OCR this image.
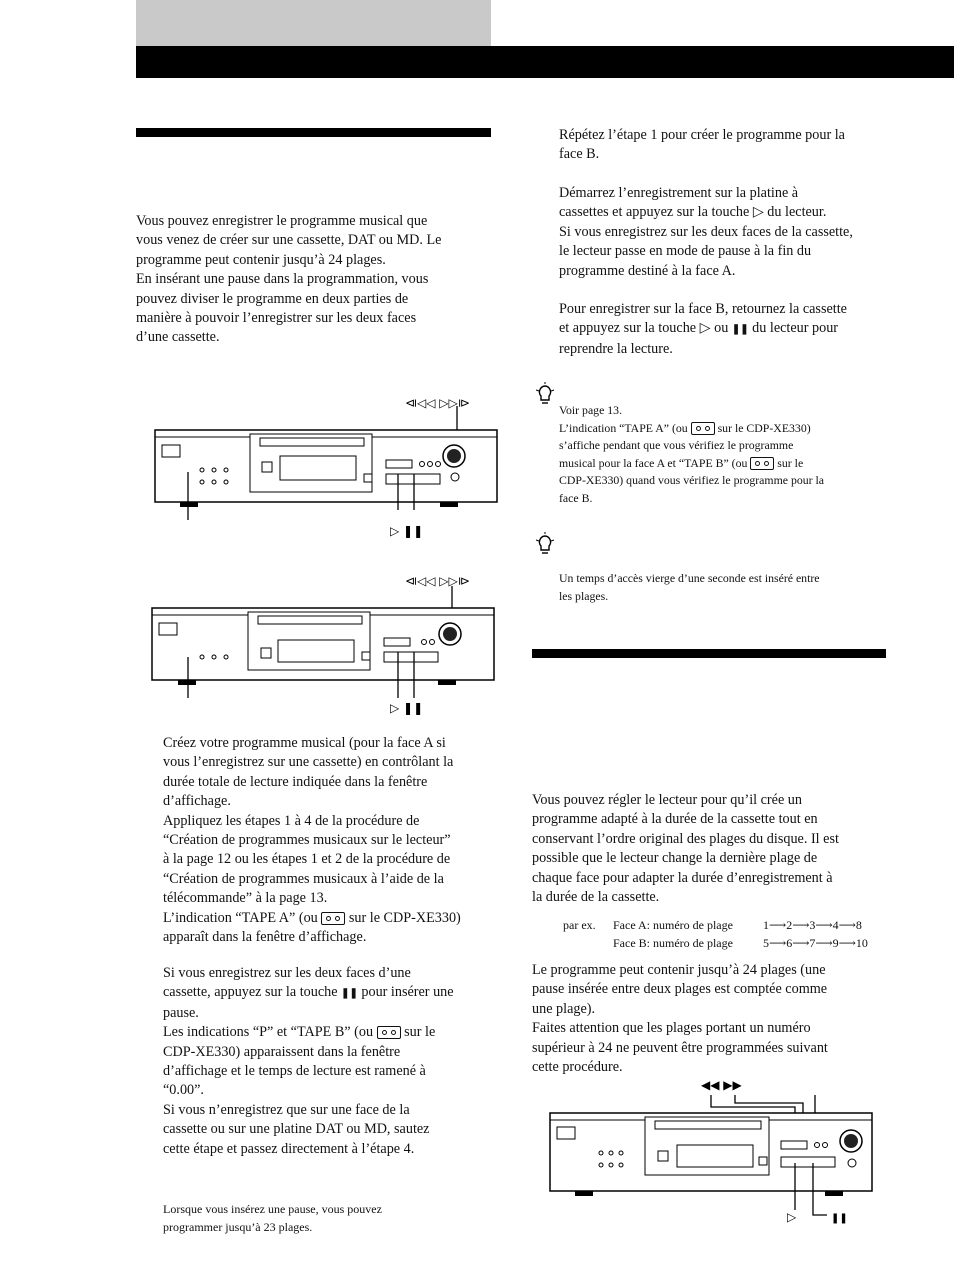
Vous pouvez enregistrer le programme musical que

vous venez de créer sur une cassette, DAT ou MD. Le

programme peut contenir jusqu’à 24 plages.

En insérant une pause dans la programmation, vous

pouvez diviser le programme en deux parties de

manière à pouvoir l’enregistrer sur les deux faces

d’une cassette.

⧏◁◁ ▷▷⧐
▷ ❚❚
⧏◁◁ ▷▷⧐
▷ ❚❚

Créez votre programme musical (pour la face A si

vous l’enregistrez sur une cassette) en contrôlant la

durée totale de lecture indiquée dans la fenêtre

d’affichage.

Appliquez les étapes 1 à 4 de la procédure de

“Création de programmes musicaux sur le lecteur”

à la page 12 ou les étapes 1 et 2 de la procédure de

“Création de programmes musicaux à l’aide de la

télécommande” à la page 13.

L’indication “TAPE A” (ou  sur le CDP-XE330)

apparaît dans la fenêtre d’affichage.

Si vous enregistrez sur les deux faces d’une

cassette, appuyez sur la touche ❚❚ pour insérer une

pause.

Les indications “P” et “TAPE B” (ou  sur le

CDP-XE330) apparaissent dans la fenêtre

d’affichage et le temps de lecture est ramené à

“0.00”.

Si vous n’enregistrez que sur une face de la

cassette ou sur une platine DAT ou MD, sautez

cette étape et passez directement à l’étape 4.

Lorsque vous insérez une pause, vous pouvez

programmer jusqu’à 23 plages.

Répétez l’étape 1 pour créer le programme pour la

face B.

Démarrez l’enregistrement sur la platine à

cassettes et appuyez sur la touche ▷ du lecteur.

Si vous enregistrez sur les deux faces de la cassette,

le lecteur passe en mode de pause à la fin du

programme destiné à la face A.

Pour enregistrer sur la face B, retournez la cassette

et appuyez sur la touche ▷ ou ❚❚ du lecteur pour

reprendre la lecture.

Voir page 13.

L’indication “TAPE A” (ou  sur le CDP-XE330)

s’affiche pendant que vous vérifiez le programme

musical pour la face A et “TAPE B” (ou  sur le

CDP-XE330) quand vous vérifiez le programme pour la

face B.

Un temps d’accès vierge d’une seconde est inséré entre

les plages.

Vous pouvez régler le lecteur pour qu’il crée un

programme adapté à la durée de la cassette tout en

conservant l’ordre original des plages du disque. Il est

possible que le lecteur change la dernière plage de

chaque face pour adapter la durée d’enregistrement à

la durée de la cassette.

par ex.	Face A: numéro de plage	1⟶2⟶3⟶4⟶8
Face B: numéro de plage	5⟶6⟶7⟶9⟶10

Le programme peut contenir jusqu’à 24 plages (une

pause insérée entre deux plages est comptée comme

une plage).

Faites attention que les plages portant un numéro

supérieur à 24 ne peuvent être programmées suivant

cette procédure.

◀◀ ▶▶
▷	❚❚
